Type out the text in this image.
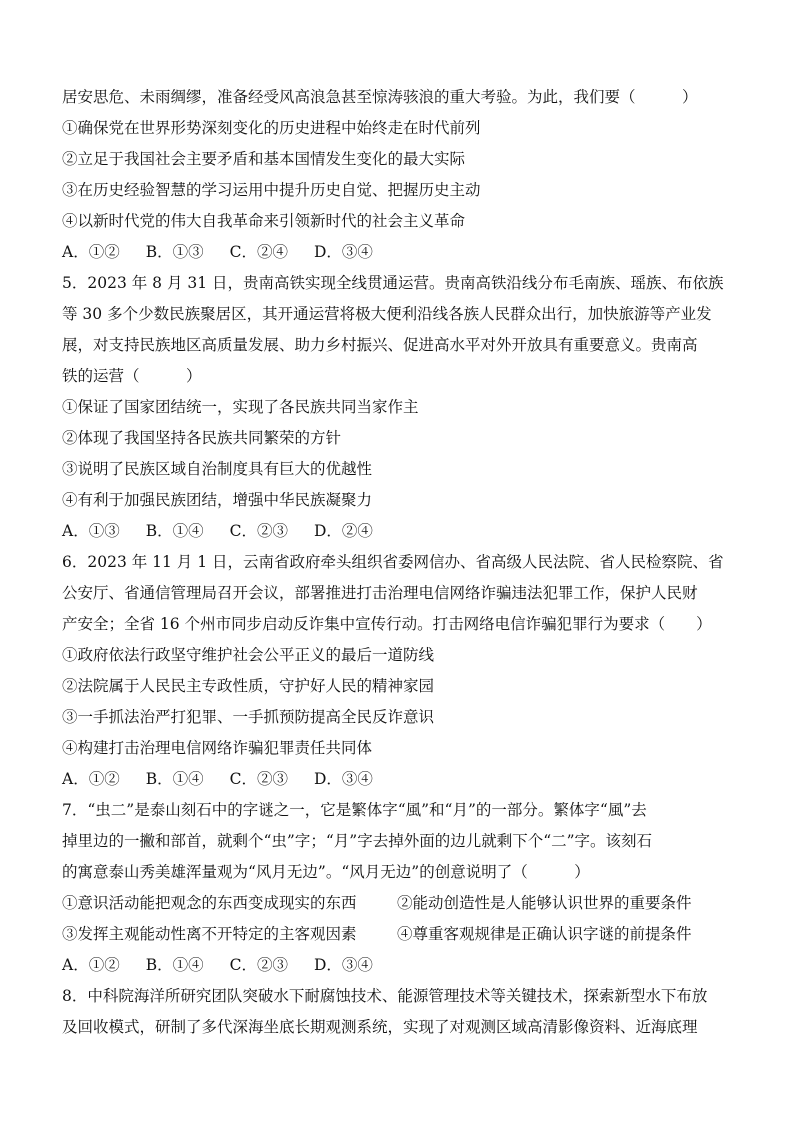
居安思危、未雨绸缪，准备经受风高浪急甚至惊涛骇浪的重大考验。为此，我们要（　　　）
①确保党在世界形势深刻变化的历史进程中始终走在时代前列
②立足于我国社会主要矛盾和基本国情发生变化的最大实际
③在历史经验智慧的学习运用中提升历史自觉、把握历史主动
④以新时代党的伟大自我革命来引领新时代的社会主义革命
A．①② B．①③ C．②④ D．③④
5．2023 年 8 月 31 日，贵南高铁实现全线贯通运营。贵南高铁沿线分布毛南族、瑶族、布依族
等 30 多个少数民族聚居区，其开通运营将极大便利沿线各族人民群众出行，加快旅游等产业发
展，对支持民族地区高质量发展、助力乡村振兴、促进高水平对外开放具有重要意义。贵南高
铁的运营（　　　）
①保证了国家团结统一，实现了各民族共同当家作主
②体现了我国坚持各民族共同繁荣的方针
③说明了民族区域自治制度具有巨大的优越性
④有利于加强民族团结，增强中华民族凝聚力
A．①③ B．①④ C．②③ D．②④
6．2023 年 11 月 1 日，云南省政府牵头组织省委网信办、省高级人民法院、省人民检察院、省
公安厅、省通信管理局召开会议，部署推进打击治理电信网络诈骗违法犯罪工作，保护人民财
产安全；全省 16 个州市同步启动反诈集中宣传行动。打击网络电信诈骗犯罪行为要求（　　）
①政府依法行政坚守维护社会公平正义的最后一道防线
②法院属于人民民主专政性质，守护好人民的精神家园
③一手抓法治严打犯罪、一手抓预防提高全民反诈意识
④构建打击治理电信网络诈骗犯罪责任共同体
A．①② B．①④ C．②③ D．③④
7．“虫二”是泰山刻石中的字谜之一，它是繁体字“風”和“月”的一部分。繁体字“風”去
掉里边的一撇和部首，就剩个“虫”字；“月”字去掉外面的边儿就剩下个“二”字。该刻石
的寓意泰山秀美雄浑量观为“风月无边”。“风月无边”的创意说明了（　　　）
①意识活动能把观念的东西变成现实的东西	②能动创造性是人能够认识世界的重要条件
③发挥主观能动性离不开特定的主客观因素	④尊重客观规律是正确认识字谜的前提条件
A．①② B．①④ C．②③ D．③④
8．中科院海洋所研究团队突破水下耐腐蚀技术、能源管理技术等关键技术，探索新型水下布放
及回收模式，研制了多代深海坐底长期观测系统，实现了对观测区域高清影像资料、近海底理
